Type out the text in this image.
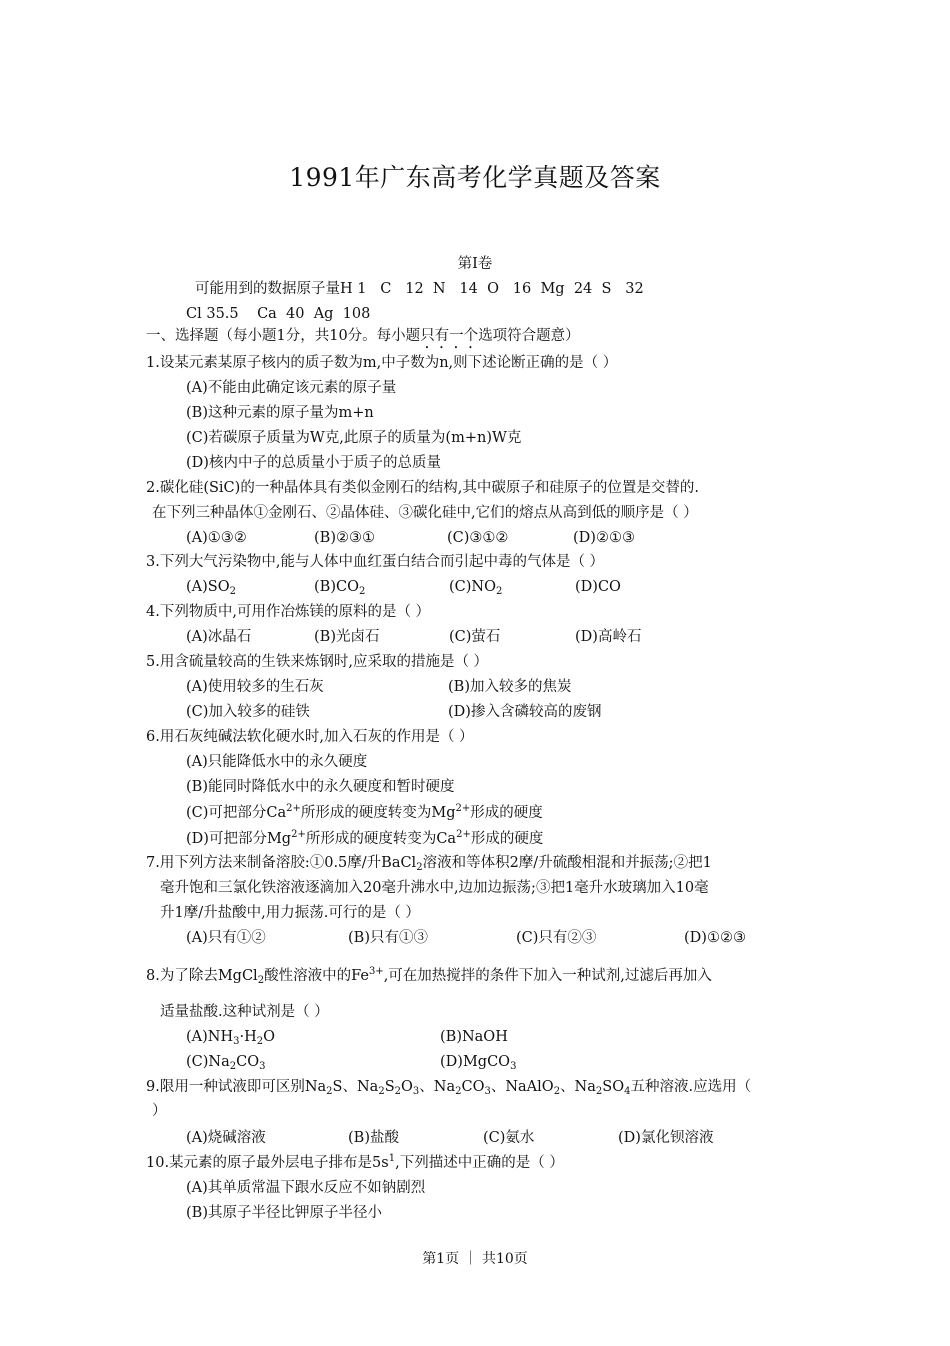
1991年广东高考化学真题及答案
第Ⅰ卷
可能用到的数据原子量H 1   C   12  N   14  O   16  Mg  24  S   32
Cl 35.5    Ca  40  Ag  108
一、选择题（每小题1分，共10分。每小题只有一个选项符合题意）
1.设某元素某原子核内的质子数为m,中子数为n,则下述论断正确的是（ ）
(A)不能由此确定该元素的原子量
(B)这种元素的原子量为m+n
(C)若碳原子质量为W克,此原子的质量为(m+n)W克
(D)核内中子的总质量小于质子的总质量
2.碳化硅(SiC)的一种晶体具有类似金刚石的结构,其中碳原子和硅原子的位置是交替的.
在下列三种晶体①金刚石、②晶体硅、③碳化硅中,它们的熔点从高到低的顺序是（ ）
(A)①③②	(B)②③①	(C)③①②	(D)②①③
3.下列大气污染物中,能与人体中血红蛋白结合而引起中毒的气体是（ ）
$(A)SO_2$	$(B)CO_2$	$(C)NO_2$	(D)CO
4.下列物质中,可用作冶炼镁的原料的是（ ）
(A)冰晶石	(B)光卤石	(C)萤石	(D)高岭石
5.用含硫量较高的生铁来炼钢时,应采取的措施是（ ）
(A)使用较多的生石灰	(B)加入较多的焦炭
(C)加入较多的硅铁	(D)掺入含磷较高的废钢
6.用石灰纯碱法软化硬水时,加入石灰的作用是（ ）
(A)只能降低水中的永久硬度
(B)能同时降低水中的永久硬度和暂时硬度
(C)可把部分$Ca^{2+}$所形成的硬度转变为$Mg^{2+}$形成的硬度
(D)可把部分$Mg^{2+}$所形成的硬度转变为$Ca^{2+}$形成的硬度
7.用下列方法来制备溶胶:①0.5摩/升BaCl$_2$溶液和等体积2摩/升硫酸相混和并振荡;②把1
毫升饱和三氯化铁溶液逐滴加入20毫升沸水中,边加边振荡;③把1毫升水玻璃加入10毫
升1摩/升盐酸中,用力振荡.可行的是（ ）
(A)只有①②	(B)只有①③	(C)只有②③	(D)①②③
8.为了除去MgCl$_2$酸性溶液中的$Fe^{3+}$,可在加热搅拌的条件下加入一种试剂,过滤后再加入
适量盐酸.这种试剂是（ ）
$(A)NH_3\cdot H_2O$	(B)NaOH
$(C)Na_2CO_3$	(D)MgCO$_3$
9.限用一种试液即可区别$Na_2S$、$Na_2S_2O_3$、$Na_2CO_3$、NaAlO$_2$、$Na_2SO_4$五种溶液.应选用（
）
(A)烧碱溶液	(B)盐酸	(C)氨水	(D)氯化钡溶液
10.某元素的原子最外层电子排布是$5s^1$,下列描述中正确的是（ ）
(A)其单质常温下跟水反应不如钠剧烈
(B)其原子半径比钾原子半径小
第1页 ｜ 共10页
